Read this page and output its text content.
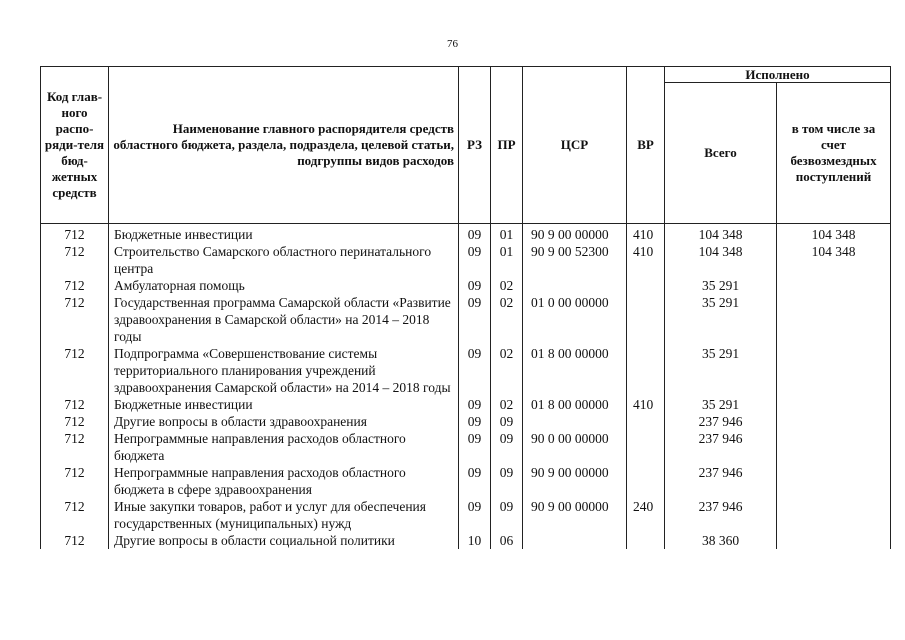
76
Код глав-ного распо-ряди-теля бюд-жетных средств	Наименование главного распорядителя средств областного бюджета, раздела, подраздела, целевой статьи, подгруппы видов расходов	РЗ	ПР	ЦСР	ВР	Исполнено	
						Всего	в том числе за счет безвозмездных поступлений
712	Бюджетные инвестиции	09	01	90 9 00 00000	410	104 348	104 348
712	Строительство Самарского областного перинатального центра	09	01	90 9 00 52300	410	104 348	104 348
712	Амбулаторная помощь	09	02			35 291	
712	Государственная программа Самарской области «Развитие здравоохранения в Самарской области» на 2014 – 2018 годы	09	02	01 0 00 00000		35 291	
712	Подпрограмма «Совершенствование системы территориального планирования учреждений здравоохранения Самарской области» на 2014 – 2018 годы	09	02	01 8 00 00000		35 291	
712	Бюджетные инвестиции	09	02	01 8 00 00000	410	35 291	
712	Другие вопросы в области здравоохранения	09	09			237 946	
712	Непрограммные направления расходов областного бюджета	09	09	90 0 00 00000		237 946	
712	Непрограммные направления расходов областного бюджета в сфере здравоохранения	09	09	90 9 00 00000		237 946	
712	Иные закупки товаров, работ и услуг для обеспечения государственных (муниципальных) нужд	09	09	90 9 00 00000	240	237 946	
712	Другие вопросы в области социальной политики	10	06			38 360	
